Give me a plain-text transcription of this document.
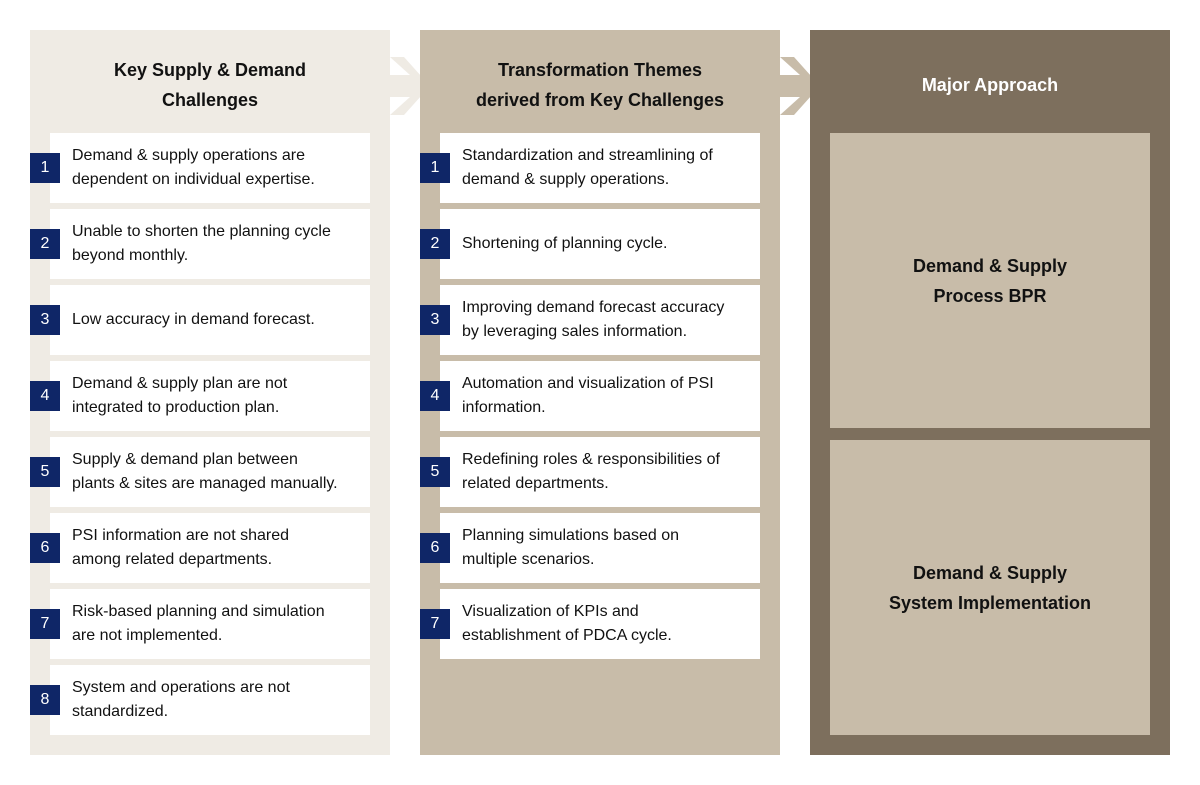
Key Supply & Demand
Challenges
1
Demand & supply operations are
dependent on individual expertise.
2
Unable to shorten the planning cycle
beyond monthly.
3	Low accuracy in demand forecast.
4
Demand & supply plan are not
integrated to production plan.
5
Supply & demand plan between
plants & sites are managed manually.
6
PSI information are not shared
among related departments.
7
Risk-based planning and simulation
are not implemented.
8
System and operations are not
standardized.
Transformation Themes
derived from Key Challenges
1
Standardization and streamlining of
demand & supply operations.
2	Shortening of planning cycle.
3
Improving demand forecast accuracy
by leveraging sales information.
4
Automation and visualization of PSI
information.
5
Redefining roles & responsibilities of
related departments.
6
Planning simulations based on
multiple scenarios.
7
Visualization of KPIs and
establishment of PDCA cycle.
Major Approach
Demand & Supply
Process BPR
Demand & Supply
System Implementation
